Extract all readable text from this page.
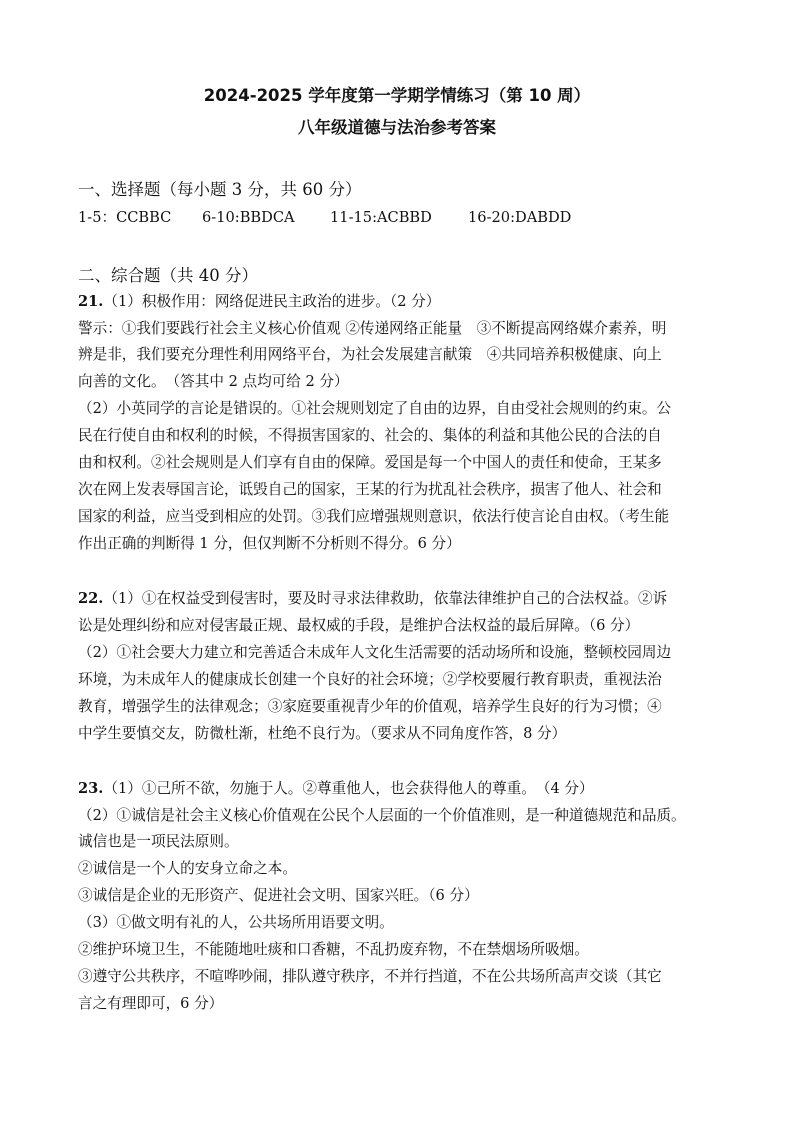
2024-2025 学年度第一学期学情练习（第 10 周）
八年级道德与法治参考答案
一、选择题（每小题 3 分，共 60 分）
1-5：CCBBC	6-10:BBDCA	11-15:ACBBD	16-20:DABDD
二、综合题（共 40 分）
21.（1）积极作用：网络促进民主政治的进步。（2 分）
警示：①我们要践行社会主义核心价值观 ②传递网络正能量　③不断提高网络媒介素养，明
辨是非，我们要充分理性利用网络平台，为社会发展建言献策　④共同培养积极健康、向上
向善的文化。　（答其中 2 点均可给 2 分）
（2）小英同学的言论是错误的。①社会规则划定了自由的边界，自由受社会规则的约束。公
民在行使自由和权利的时候，不得损害国家的、社会的、集体的利益和其他公民的合法的自
由和权利。②社会规则是人们享有自由的保障。爱国是每一个中国人的责任和使命，王某多
次在网上发表辱国言论，诋毁自己的国家，王某的行为扰乱社会秩序，损害了他人、社会和
国家的利益，应当受到相应的处罚。③我们应增强规则意识，依法行使言论自由权。（考生能
作出正确的判断得 1 分，但仅判断不分析则不得分。6 分）
22.（1）①在权益受到侵害时，要及时寻求法律救助，依靠法律维护自己的合法权益。②诉
讼是处理纠纷和应对侵害最正规、最权威的手段，是维护合法权益的最后屏障。（6 分）
（2）①社会要大力建立和完善适合未成年人文化生活需要的活动场所和设施，整顿校园周边
环境，为未成年人的健康成长创建一个良好的社会环境；②学校要履行教育职责，重视法治
教育，增强学生的法律观念；③家庭要重视青少年的价值观，培养学生良好的行为习惯；④
中学生要慎交友，防微杜渐，杜绝不良行为。（要求从不同角度作答，8 分）
23.（1）①己所不欲，勿施于人。②尊重他人，也会获得他人的尊重。　（4 分）
（2）①诚信是社会主义核心价值观在公民个人层面的一个价值准则，是一种道德规范和品质。
诚信也是一项民法原则。
②诚信是一个人的安身立命之本。
③诚信是企业的无形资产、促进社会文明、国家兴旺。（6 分）
（3）①做文明有礼的人，公共场所用语要文明。
②维护环境卫生，不能随地吐痰和口香糖，不乱扔废弃物，不在禁烟场所吸烟。
③遵守公共秩序，不喧哗吵闹，排队遵守秩序，不并行挡道，不在公共场所高声交谈（其它
言之有理即可，6 分）
